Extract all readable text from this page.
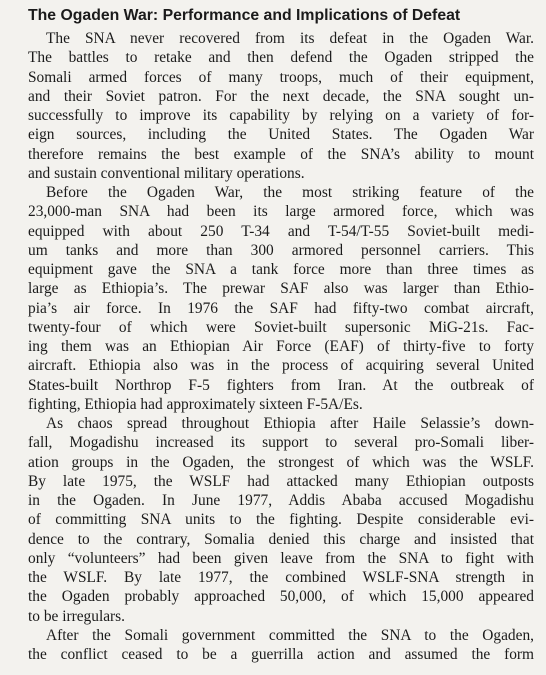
The Ogaden War: Performance and Implications of Defeat
The SNA never recovered from its defeat in the Ogaden War.
The battles to retake and then defend the Ogaden stripped the
Somali armed forces of many troops, much of their equipment,
and their Soviet patron. For the next decade, the SNA sought un-
successfully to improve its capability by relying on a variety of for-
eign sources, including the United States. The Ogaden War
therefore remains the best example of the SNA’s ability to mount
and sustain conventional military operations.
Before the Ogaden War, the most striking feature of the
23,000-man SNA had been its large armored force, which was
equipped with about 250 T-34 and T-54/T-55 Soviet-built medi-
um tanks and more than 300 armored personnel carriers. This
equipment gave the SNA a tank force more than three times as
large as Ethiopia’s. The prewar SAF also was larger than Ethio-
pia’s air force. In 1976 the SAF had fifty-two combat aircraft,
twenty-four of which were Soviet-built supersonic MiG-21s. Fac-
ing them was an Ethiopian Air Force (EAF) of thirty-five to forty
aircraft. Ethiopia also was in the process of acquiring several United
States-built Northrop F-5 fighters from Iran. At the outbreak of
fighting, Ethiopia had approximately sixteen F-5A/Es.
As chaos spread throughout Ethiopia after Haile Selassie’s down-
fall, Mogadishu increased its support to several pro-Somali liber-
ation groups in the Ogaden, the strongest of which was the WSLF.
By late 1975, the WSLF had attacked many Ethiopian outposts
in the Ogaden. In June 1977, Addis Ababa accused Mogadishu
of committing SNA units to the fighting. Despite considerable evi-
dence to the contrary, Somalia denied this charge and insisted that
only “volunteers” had been given leave from the SNA to fight with
the WSLF. By late 1977, the combined WSLF-SNA strength in
the Ogaden probably approached 50,000, of which 15,000 appeared
to be irregulars.
After the Somali government committed the SNA to the Ogaden,
the conflict ceased to be a guerrilla action and assumed the form
